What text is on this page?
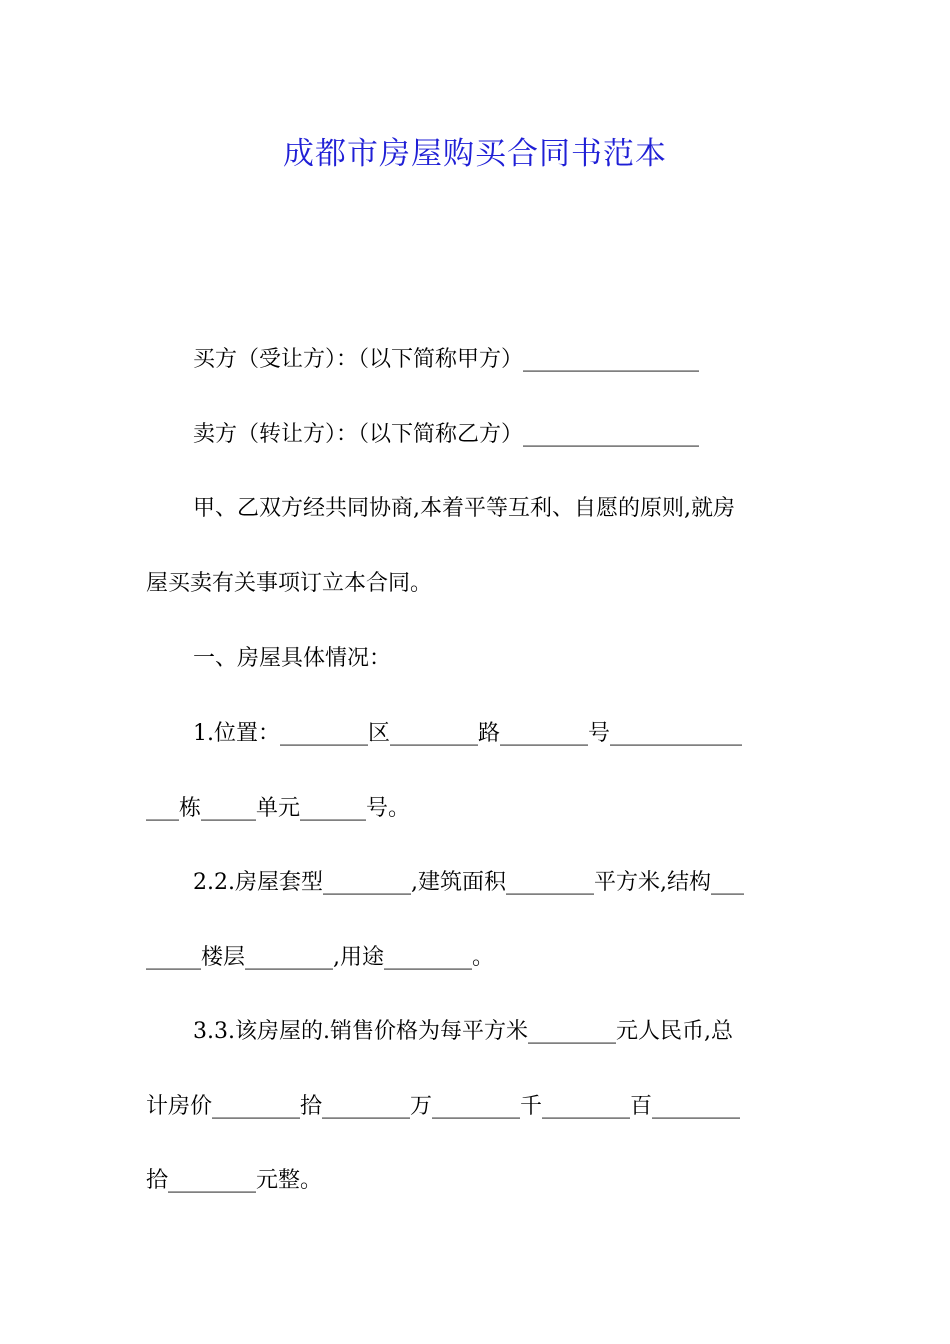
成都市房屋购买合同书范本
买方（受让方）：（以下简称甲方）________________
卖方（转让方）：（以下简称乙方）________________
甲、乙双方经共同协商,本着平等互利、自愿的原则,就房
屋买卖有关事项订立本合同。
一、房屋具体情况：
1.位置：________区________路________号____________
___栋_____单元______号。
2.2.房屋套型________,建筑面积________平方米,结构___
_____楼层________,用途________。
3.3.该房屋的.销售价格为每平方米________元人民币,总
计房价________拾________万________千________百________
拾________元整。
